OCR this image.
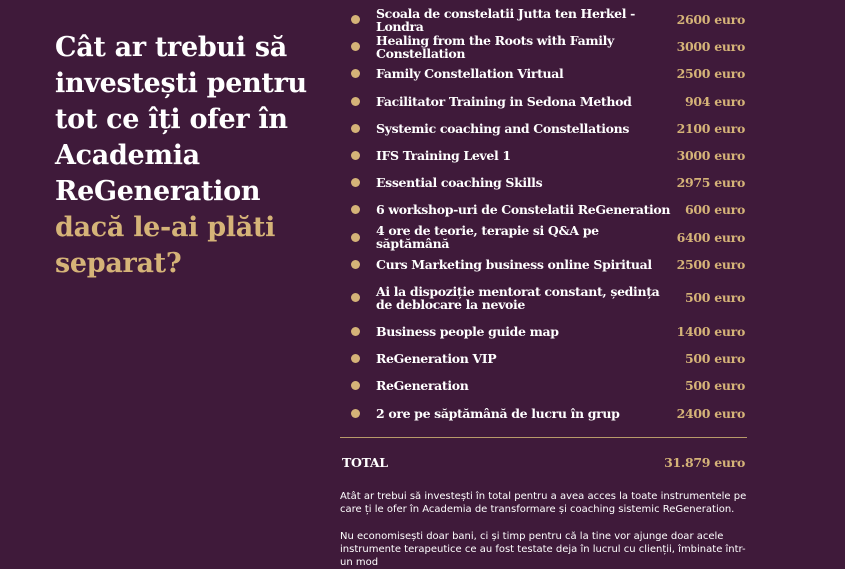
Cât ar trebui să investești pentru tot ce îți ofer în Academia ReGeneration dacă le-ai plăti separat?
Scoala de constelatii Jutta ten Herkel - Londra	2600 euro
Healing from the Roots with Family Constellation	3000 euro
Family Constellation Virtual	2500 euro
Facilitator Training in Sedona Method	904 euro
Systemic coaching and Constellations	2100 euro
IFS Training Level 1	3000 euro
Essential coaching Skills	2975 euro
6 workshop-uri de Constelatii ReGeneration	600 euro
4 ore de teorie, terapie si Q&A pe săptămână	6400 euro
Curs Marketing business online Spiritual	2500 euro
Ai la dispoziție mentorat constant, ședința de deblocare la nevoie	500 euro
Business people guide map	1400 euro
ReGeneration VIP	500 euro
ReGeneration	500 euro
2 ore pe săptămână de lucru în grup	2400 euro
TOTAL	31.879 euro

Atât ar trebui să investești în total pentru a avea acces la toate instrumentele pe care ți le ofer în Academia de transformare și coaching sistemic ReGeneration.

Nu economisești doar bani, ci și timp pentru că la tine vor ajunge doar acele instrumente terapeutice ce au fost testate deja în lucrul cu clienții, îmbinate într-un mod
